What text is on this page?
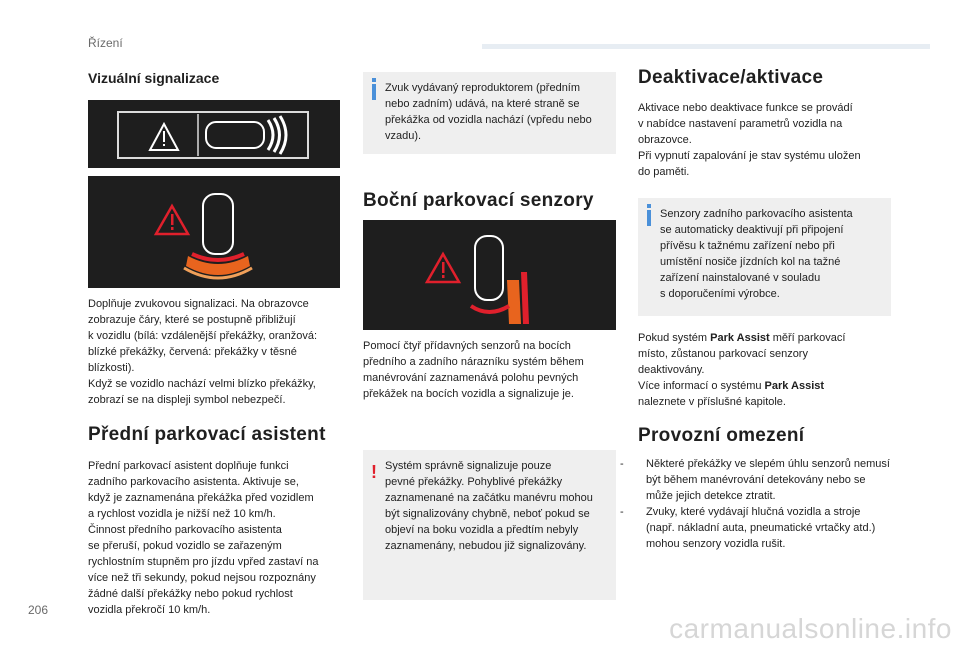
Řízení
Vizuální signalizace

Doplňuje zvukovou signalizaci. Na obrazovce
zobrazuje čáry, které se postupně přibližují
k vozidlu (bílá: vzdálenější překážky, oranžová:
blízké překážky, červená: překážky v těsné
blízkosti).
Když se vozidlo nachází velmi blízko překážky,
zobrazí se na displeji symbol nebezpečí.

Přední parkovací asistent

Přední parkovací asistent doplňuje funkci
zadního parkovacího asistenta. Aktivuje se,
když je zaznamenána překážka před vozidlem
a rychlost vozidla je nižší než 10 km/h.
Činnost předního parkovacího asistenta
se přeruší, pokud vozidlo se zařazeným
rychlostním stupněm pro jízdu vpřed zastaví na
více než tři sekundy, pokud nejsou rozpoznány
žádné další překážky nebo pokud rychlost
vozidla překročí 10 km/h.

Zvuk vydávaný reproduktorem (předním
nebo zadním) udává, na které straně se
překážka od vozidla nachází (vpředu nebo
vzadu).
Boční parkovací senzory

Pomocí čtyř přídavných senzorů na bocích
předního a zadního nárazníku systém během
manévrování zaznamenává polohu pevných
překážek na bocích vozidla a signalizuje je.

! Systém správně signalizuje pouze
pevné překážky. Pohyblivé překážky
zaznamenané na začátku manévru mohou
být signalizovány chybně, neboť pokud se
objeví na boku vozidla a předtím nebyly
zaznamenány, nebudou již signalizovány.
Deaktivace/aktivace

Aktivace nebo deaktivace funkce se provádí
v nabídce nastavení parametrů vozidla na
obrazovce.
Při vypnutí zapalování je stav systému uložen
do paměti.

Senzory zadního parkovacího asistenta
se automaticky deaktivují při připojení
přívěsu k tažnému zařízení nebo při
umístění nosiče jízdních kol na tažné
zařízení nainstalované v souladu
s doporučeními výrobce.

Pokud systém Park Assist měří parkovací
místo, zůstanou parkovací senzory
deaktivovány.
Více informací o systému Park Assist
naleznete v příslušné kapitole.

Provozní omezení
- Některé překážky ve slepém úhlu senzorů nemusí být během manévrování detekovány nebo se může jejich detekce ztratit.
- Zvuky, které vydávají hlučná vozidla a stroje (např. nákladní auta, pneumatické vrtačky atd.) mohou senzory vozidla rušit.
206
carmanualsonline.info
